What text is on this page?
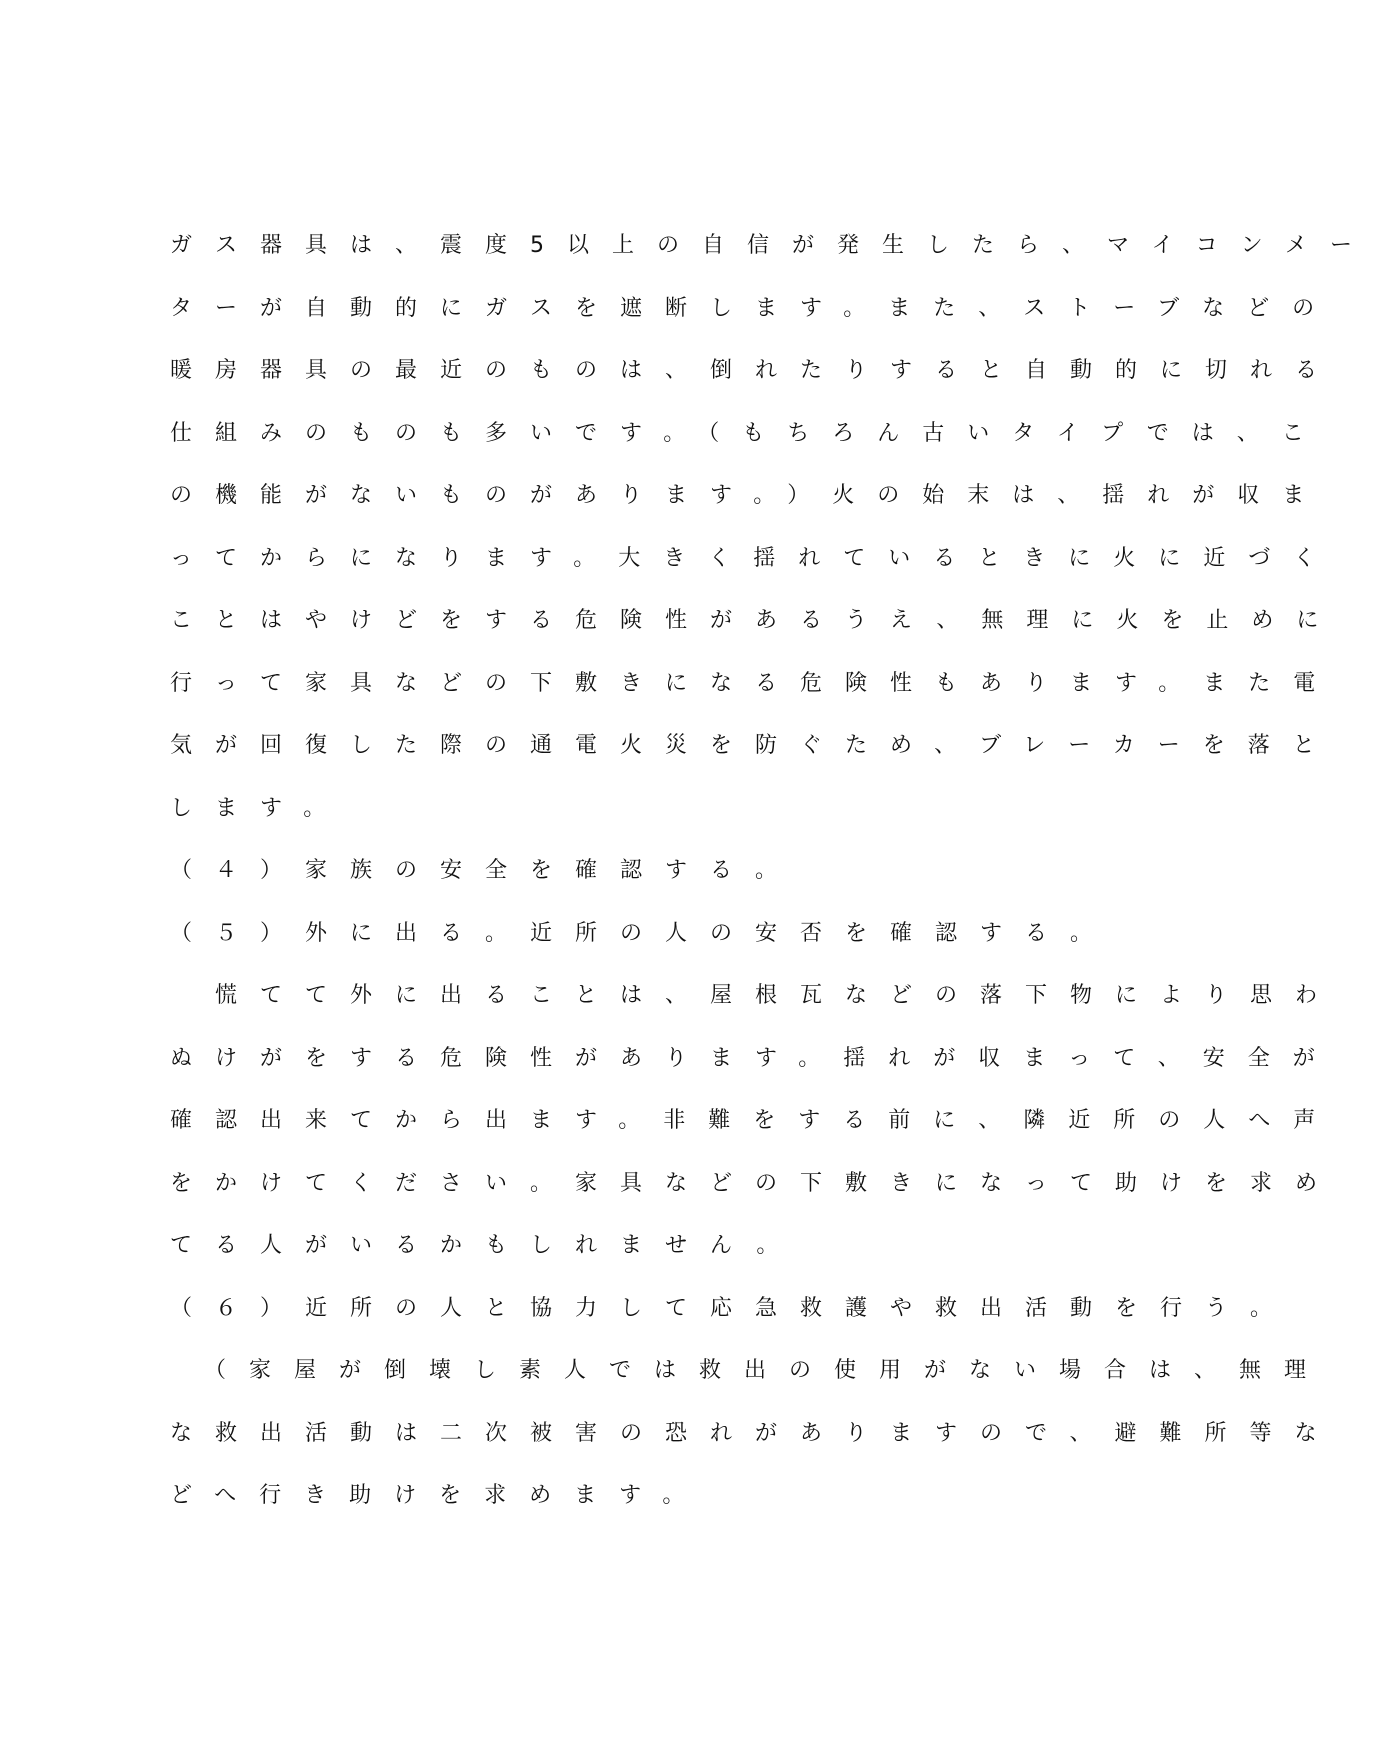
ガス器具は、震度5以上の自信が発生したら、マイコンメー
ターが自動的にガスを遮断します。また、ストーブなどの
暖房器具の最近のものは、倒れたりすると自動的に切れる
仕組みのものも多いです。（もちろん古いタイプでは、こ
の機能がないものがあります。）火の始末は、揺れが収ま
ってからになります。大きく揺れているときに火に近づく
ことはやけどをする危険性があるうえ、無理に火を止めに
行って家具などの下敷きになる危険性もあります。また電
気が回復した際の通電火災を防ぐため、ブレーカーを落と
します。
（４）家族の安全を確認する。
（５）外に出る。近所の人の安否を確認する。
　慌てて外に出ることは、屋根瓦などの落下物により思わ
ぬけがをする危険性があります。揺れが収まって、安全が
確認出来てから出ます。非難をする前に、隣近所の人へ声
をかけてください。家具などの下敷きになって助けを求め
てる人がいるかもしれません。
（６）近所の人と協力して応急救護や救出活動を行う。
　（家屋が倒壊し素人では救出の使用がない場合は、無理
な救出活動は二次被害の恐れがありますので、避難所等な
どへ行き助けを求めます。
